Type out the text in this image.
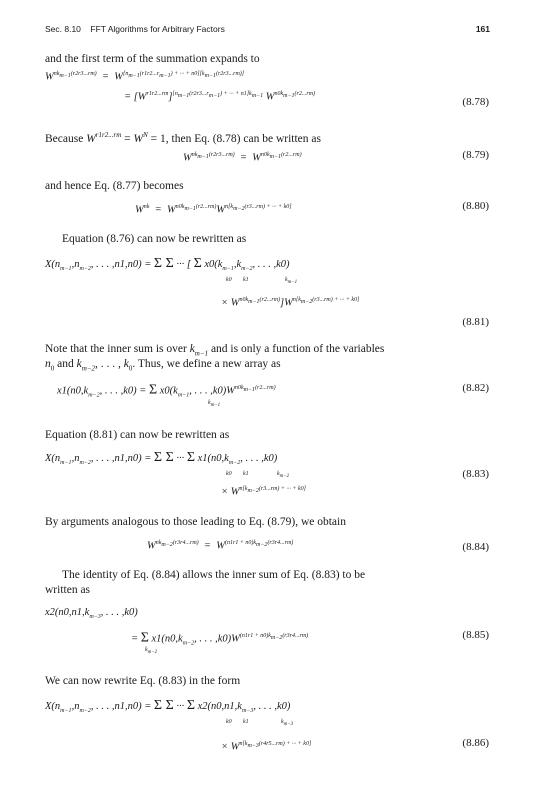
Sec. 8.10 FFT Algorithms for Arbitrary Factors	161
and the first term of the summation expands to
$W^{nk_{m-1}(r2r3...rm)} = W[nm-1(r1r2...rm-1) + \cdot\cdot\cdot + n0][km-1(r2r3...rm)]$
= $[W^{r1r2...rm}]^{[n_{m-1}(r2r3...r_{m-1}) + \cdot\cdot\cdot + n1]k_{m-1}}$ $W^{n0k_{m-1}(r2...rm)}$
(8.78)
Because $W^{r1r2...rm} = W^N = 1$, then Eq. (8.78) can be written as
$W^{nk_{m-1}(r2r3...rm)} = W^{n0k_{m-1}(r2...rm)}$	(8.79)
and hence Eq. (8.77) becomes
$W^{nk} = W^{n0k_{m-1}(r2...rm)}W^{n[k_{m-2}(r3...rm) + \cdot\cdot\cdot + k0]}$	(8.80)
Equation (8.76) can now be rewritten as
$X(n_{m-1},n_{m-2}$, . . . ,n1,n0) = Σ Σ ··· [ Σ $x0(k_{m-1},k_{m-2}$, . . . ,k0)
k0 k1	$k_{m-1}$
× $W^{n0k_{m-1}(r2...rm)}]W^{n[k_{m-2}(r3...rm) + \cdot\cdot\cdot + k0]}$
(8.81)
Note that the inner sum is over $k_{m-1}$ and is only a function of the variables
$n_0$ and $k_{m-2}$, . . . , $k_0$. Thus, we define a new array as
$x1(n0,k_{m-2}$, . . . ,k0) = Σ $x0(k_{m-1}$, . . . $,k0)W^{n0k_{m-1}(r2...rm)}$
$k_{m-1}$
(8.82)
Equation (8.81) can now be rewritten as
$X(n_{m-1},n_{m-2}$, . . . ,n1,n0) = Σ Σ ··· Σ $x1(n0,k_{m-2}$, . . . ,k0)
k0 k1	$k_{m-2}$
× $W^{n[k_{m-2}(r3...rm) + \cdot\cdot\cdot + k0]}$
(8.83)
By arguments analogous to those leading to Eq. (8.79), we obtain
$W^{nk_{m-2}(r3r4...rm)} = W^{(n1r1 + n0)k_{m-2}(r3r4...rm)}$	(8.84)
The identity of Eq. (8.84) allows the inner sum of Eq. (8.83) to be
written as
$x2(n0,n1,k_{m-3}$, . . . ,k0)
= Σ $x1(n0,k_{m-2}$, . . . $,k0)W^{(n1r1 + n0)k_{m-2}(r3r4...rm)}$
$k_{m-2}$
(8.85)
We can now rewrite Eq. (8.83) in the form
$X(n_{m-1},n_{m-2}$, . . . ,n1,n0) = Σ Σ ··· Σ $x2(n0,n1,k_{m-3}$, . . . ,k0)
k0 k1	$k_{m-3}$
× $W^{n[k_{m-3}(r4r5...rm) + \cdot\cdot\cdot + k0]}$	(8.86)
